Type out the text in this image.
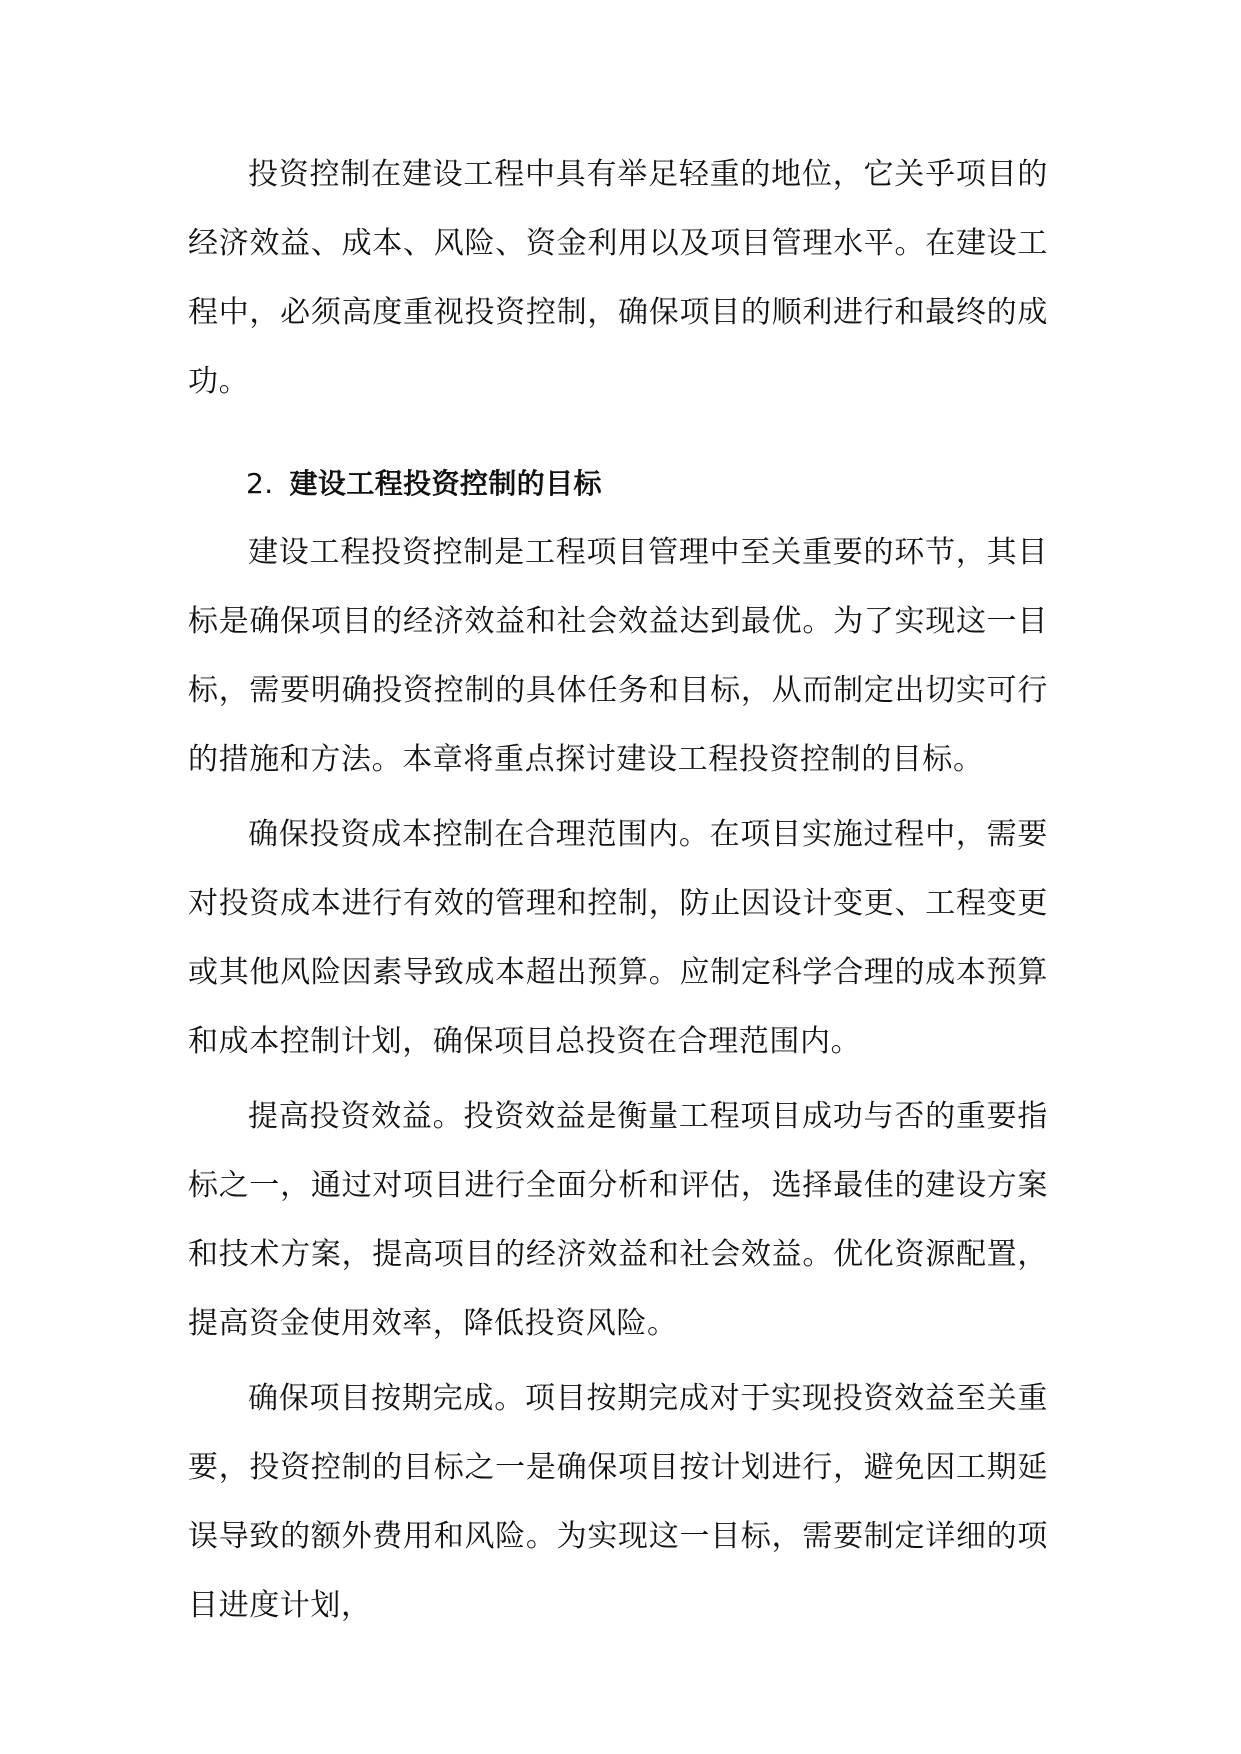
投资控制在建设工程中具有举足轻重的地位，它关乎项目的经济效益、成本、风险、资金利用以及项目管理水平。在建设工程中，必须高度重视投资控制，确保项目的顺利进行和最终的成功。

2. 建设工程投资控制的目标

建设工程投资控制是工程项目管理中至关重要的环节，其目标是确保项目的经济效益和社会效益达到最优。为了实现这一目标，需要明确投资控制的具体任务和目标，从而制定出切实可行的措施和方法。本章将重点探讨建设工程投资控制的目标。

确保投资成本控制在合理范围内。在项目实施过程中，需要对投资成本进行有效的管理和控制，防止因设计变更、工程变更或其他风险因素导致成本超出预算。应制定科学合理的成本预算和成本控制计划，确保项目总投资在合理范围内。

提高投资效益。投资效益是衡量工程项目成功与否的重要指标之一，通过对项目进行全面分析和评估，选择最佳的建设方案和技术方案，提高项目的经济效益和社会效益。优化资源配置，提高资金使用效率，降低投资风险。

确保项目按期完成。项目按期完成对于实现投资效益至关重要，投资控制的目标之一是确保项目按计划进行，避免因工期延误导致的额外费用和风险。为实现这一目标，需要制定详细的项目进度计划，
